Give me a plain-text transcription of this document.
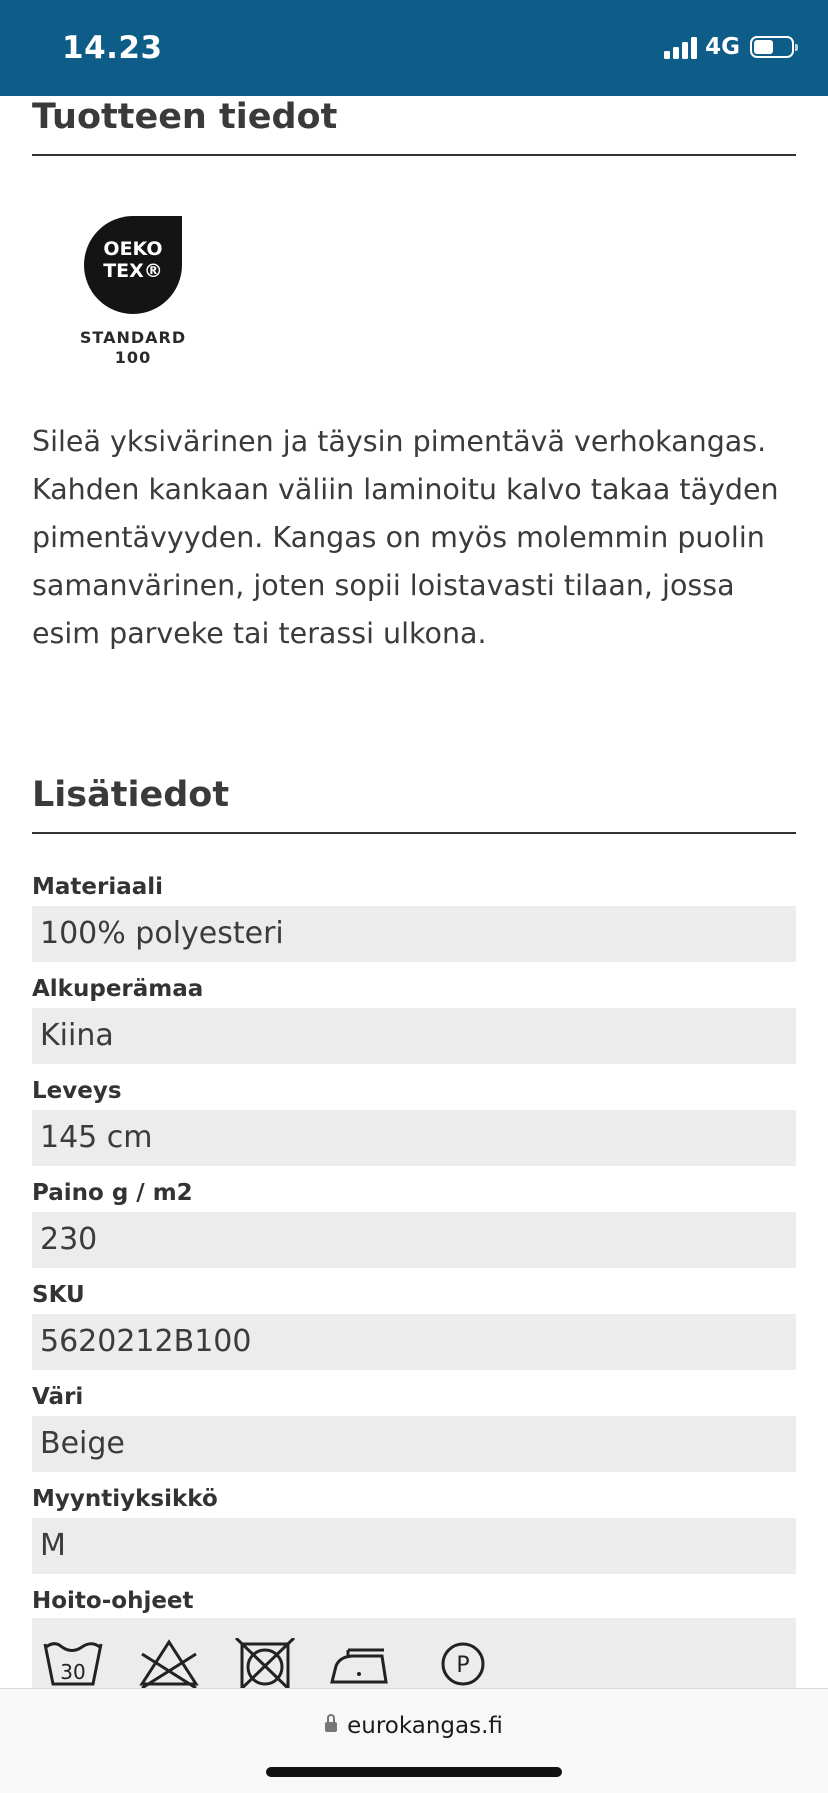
14.23	4G
Tuotteen tiedot
OEKO
TEX®
STANDARD
100
Sileä yksivärinen ja täysin pimentävä verhokangas. Kahden kankaan väliin laminoitu kalvo takaa täyden pimentävyyden. Kangas on myös molemmin puolin samanvärinen, joten sopii loistavasti tilaan, jossa esim parveke tai terassi ulkona.
Lisätiedot
Materiaali
100% polyesteri
Alkuperämaa
Kiina
Leveys
145 cm
Paino g / m2
230
SKU
5620212B100
Väri
Beige
Myyntiyksikkö
M
Hoito-ohjeet
30	P
eurokangas.fi
